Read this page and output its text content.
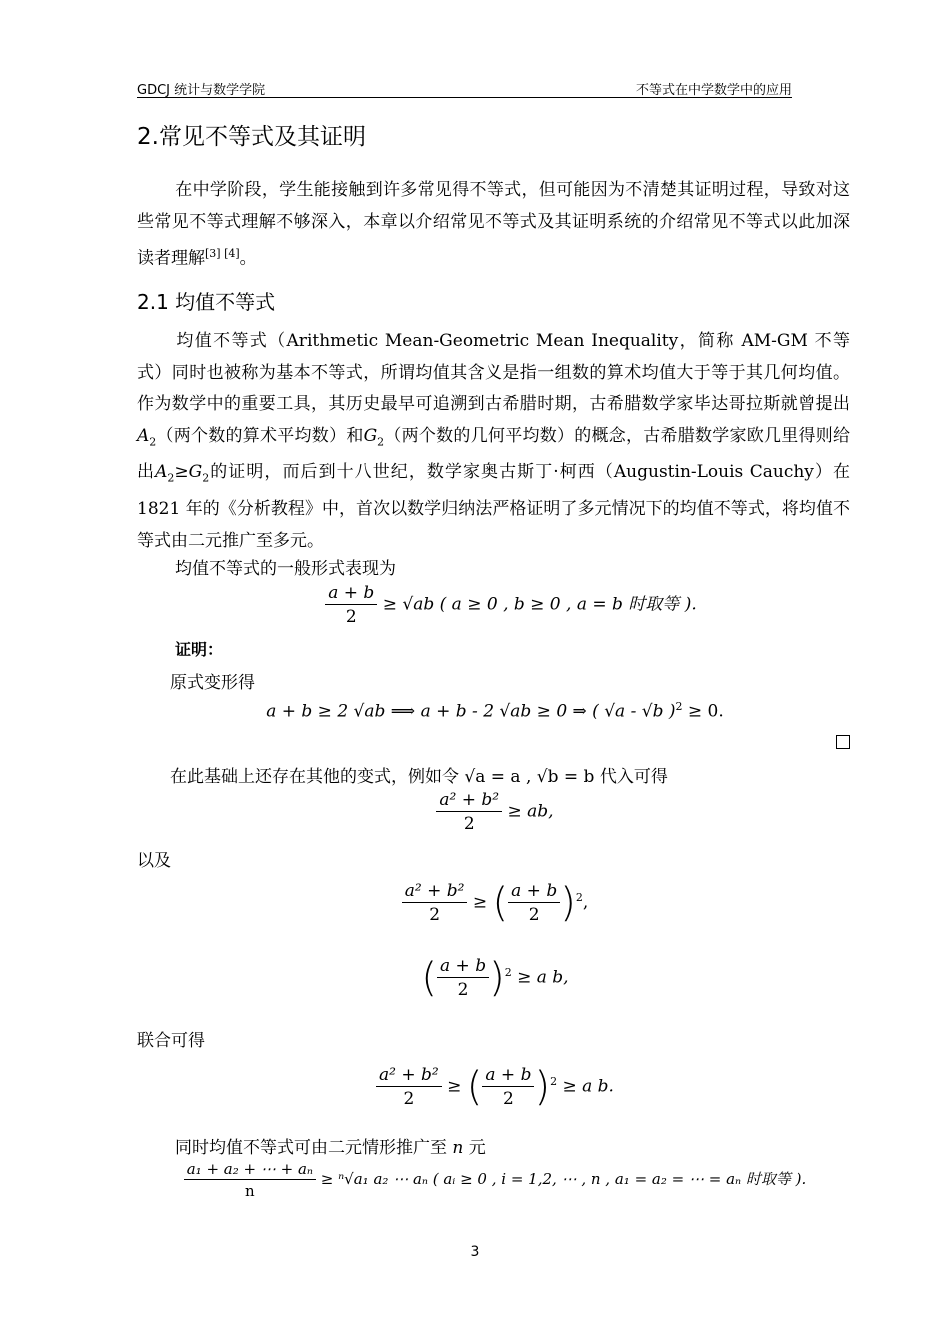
GDCJ 统计与数学学院	不等式在中学数学中的应用
2.常见不等式及其证明

在中学阶段，学生能接触到许多常见得不等式，但可能因为不清楚其证明过程，导致对这些常见不等式理解不够深入，本章以介绍常见不等式及其证明系统的介绍常见不等式以此加深读者理解[3] [4]。

2.1 均值不等式

均值不等式（Arithmetic Mean-Geometric Mean Inequality，简称 AM-GM 不等式）同时也被称为基本不等式，所谓均值其含义是指一组数的算术均值大于等于其几何均值。作为数学中的重要工具，其历史最早可追溯到古希腊时期，古希腊数学家毕达哥拉斯就曾提出$A_2$（两个数的算术平均数）和$G_2$（两个数的几何平均数）的概念，古希腊数学家欧几里得则给出$A_2\ge G_2$的证明，而后到十八世纪，数学家奥古斯丁·柯西（Augustin-Louis Cauchy）在 1821 年的《分析教程》中，首次以数学归纳法严格证明了多元情况下的均值不等式，将均值不等式由二元推广至多元。

均值不等式的一般形式表现为
$\frac{a + b}{2} \ge √ab$ ( a ≥ 0 , b ≥ 0 , a = b 时取等 ).
证明：
原式变形得
a + b ≥ 2 √ab ⟹ a + b - 2 √ab ≥ 0 ⇒ ( √a - √b )$^2$ ≥ 0.
在此基础上还存在其他的变式，例如令 √a = a , √b = b 代入可得
$\frac{\text{a² + b²}}{2}$ ≥ ab,
以及
$\frac{\text{a² + b²}}{2}$ ≥ ( $\frac{a + b}{2} )^2$,
( $\frac{a + b}{2} )^2 \ge a$ b,
联合可得
$\frac{\text{a² + b²}}{2}$ ≥ ( $\frac{a + b}{2} )^2 \ge a$ b.
同时均值不等式可由二元情形推广至 n 元
$\frac{\text{a₁ + a₂ + ⋯ + aₙ}}{n} \ge ^n√a_1$ a₂ ⋯ aₙ ( aᵢ ≥ 0 , i = 1,2, ⋯ , n , a₁ = a₂ = ⋯ = aₙ 时取等 ).
3
